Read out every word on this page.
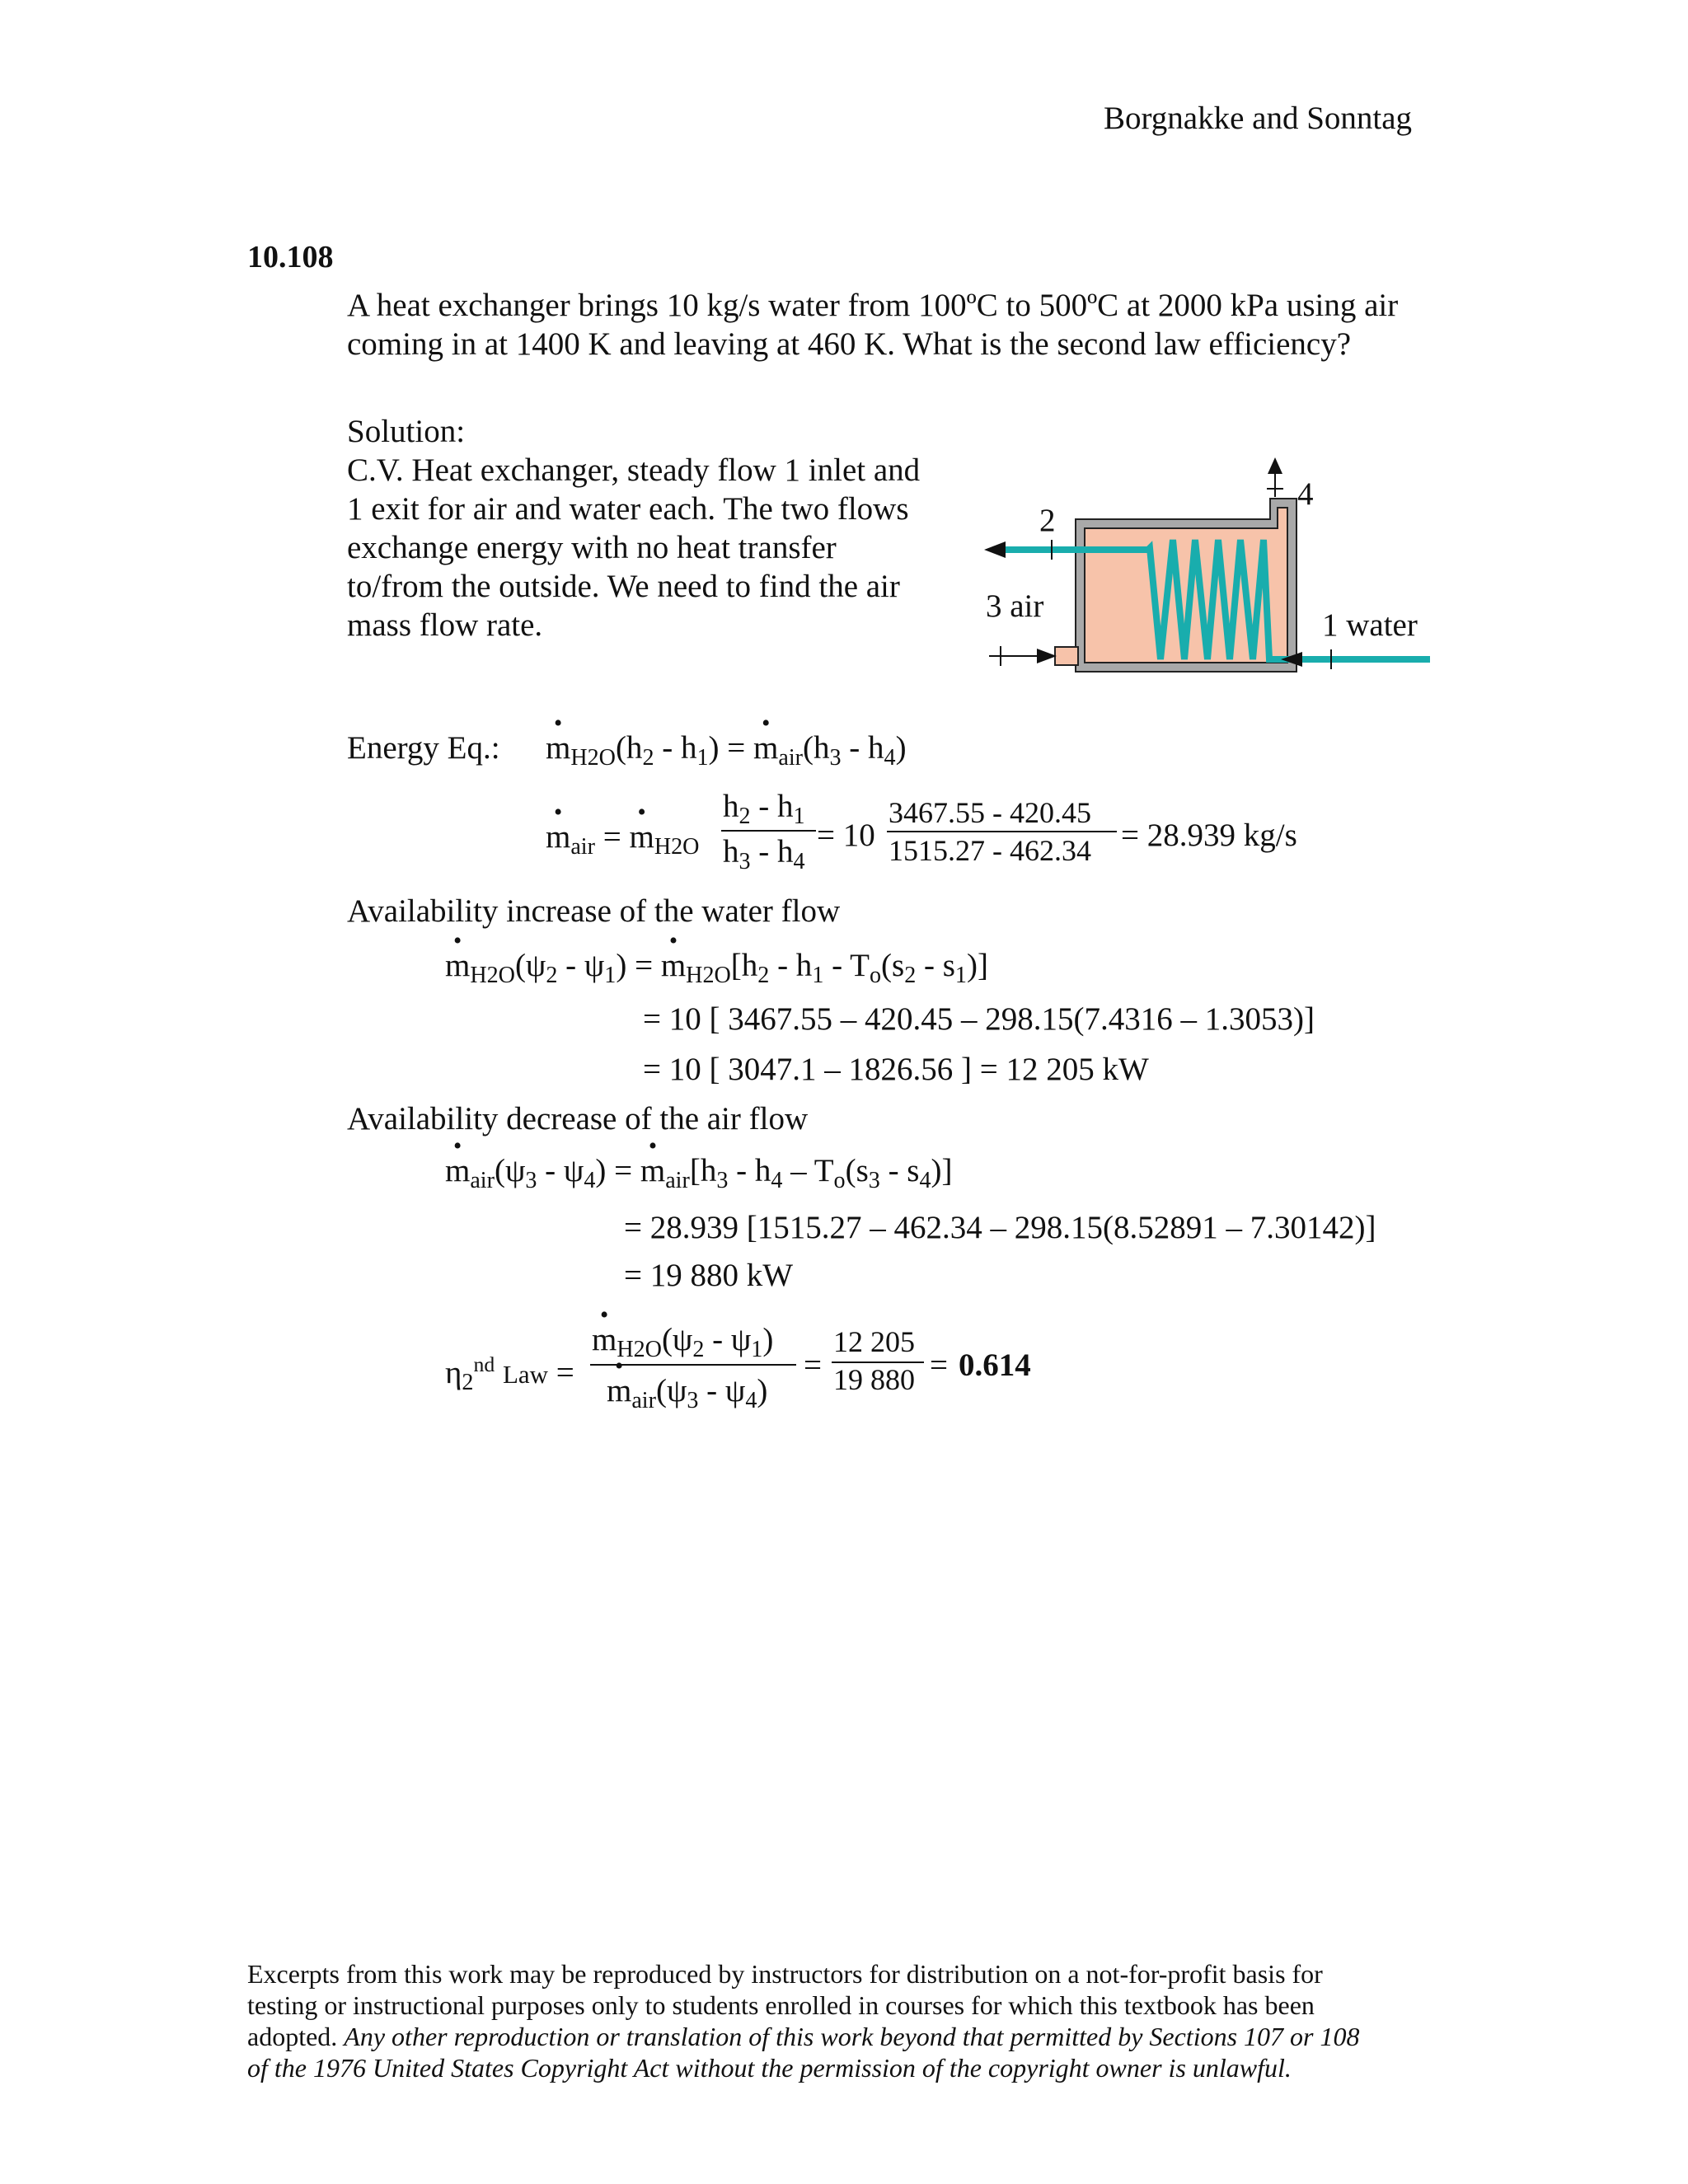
Borgnakke and Sonntag
10.108
A heat exchanger brings 10 kg/s water from 100ºC to 500ºC at 2000 kPa using air
coming in at 1400 K and leaving at 460 K. What is the second law efficiency?
Solution:
C.V. Heat exchanger, steady flow 1 inlet and
1 exit for air and water each. The two flows
exchange energy with no heat transfer
to/from the outside. We need to find the air
mass flow rate.
2
4
3 air
1 water
Energy Eq.:
• $m_{H2O}(h_2 - h_1)$ = • $m_{air}(h_3 - h_4)$
• $m_{air}$ = • $m_{H2O}$
$h_2 - h_1$
$h_3 - h_4$
= 10
3467.55 - 420.45
1515.27 - 462.34 = 28.939 kg/s
Availability increase of the water flow
• $m_{H2O}(\psi_2 - \psi_1)$ = • $m_{H2O}[h_2 - h_1 - T_o(s_2 - s_1)]$
= 10 [ 3467.55 – 420.45 – 298.15(7.4316 – 1.3053)]
= 10 [ 3047.1 – 1826.56 ] = 12 205 kW
Availability decrease of the air flow
• $m_{air}(\psi_3 - \psi_4)$ = • $m_{air}[h_3 - h_4 - T_o(s_3 - s_4)]$
= 28.939 [1515.27 – 462.34 – 298.15(8.52891 – 7.30142)]
= 19 880 kW
$\eta_2^{nd}$ Law =
• $m_{H2O}(\psi_2 - \psi_1)$
• $m_{air}(\psi_3 - \psi_4)$
=
12 205
19 880 = 0.614
Excerpts from this work may be reproduced by instructors for distribution on a not-for-profit basis for
testing or instructional purposes only to students enrolled in courses for which this textbook has been
adopted. Any other reproduction or translation of this work beyond that permitted by Sections 107 or 108
of the 1976 United States Copyright Act without the permission of the copyright owner is unlawful.
